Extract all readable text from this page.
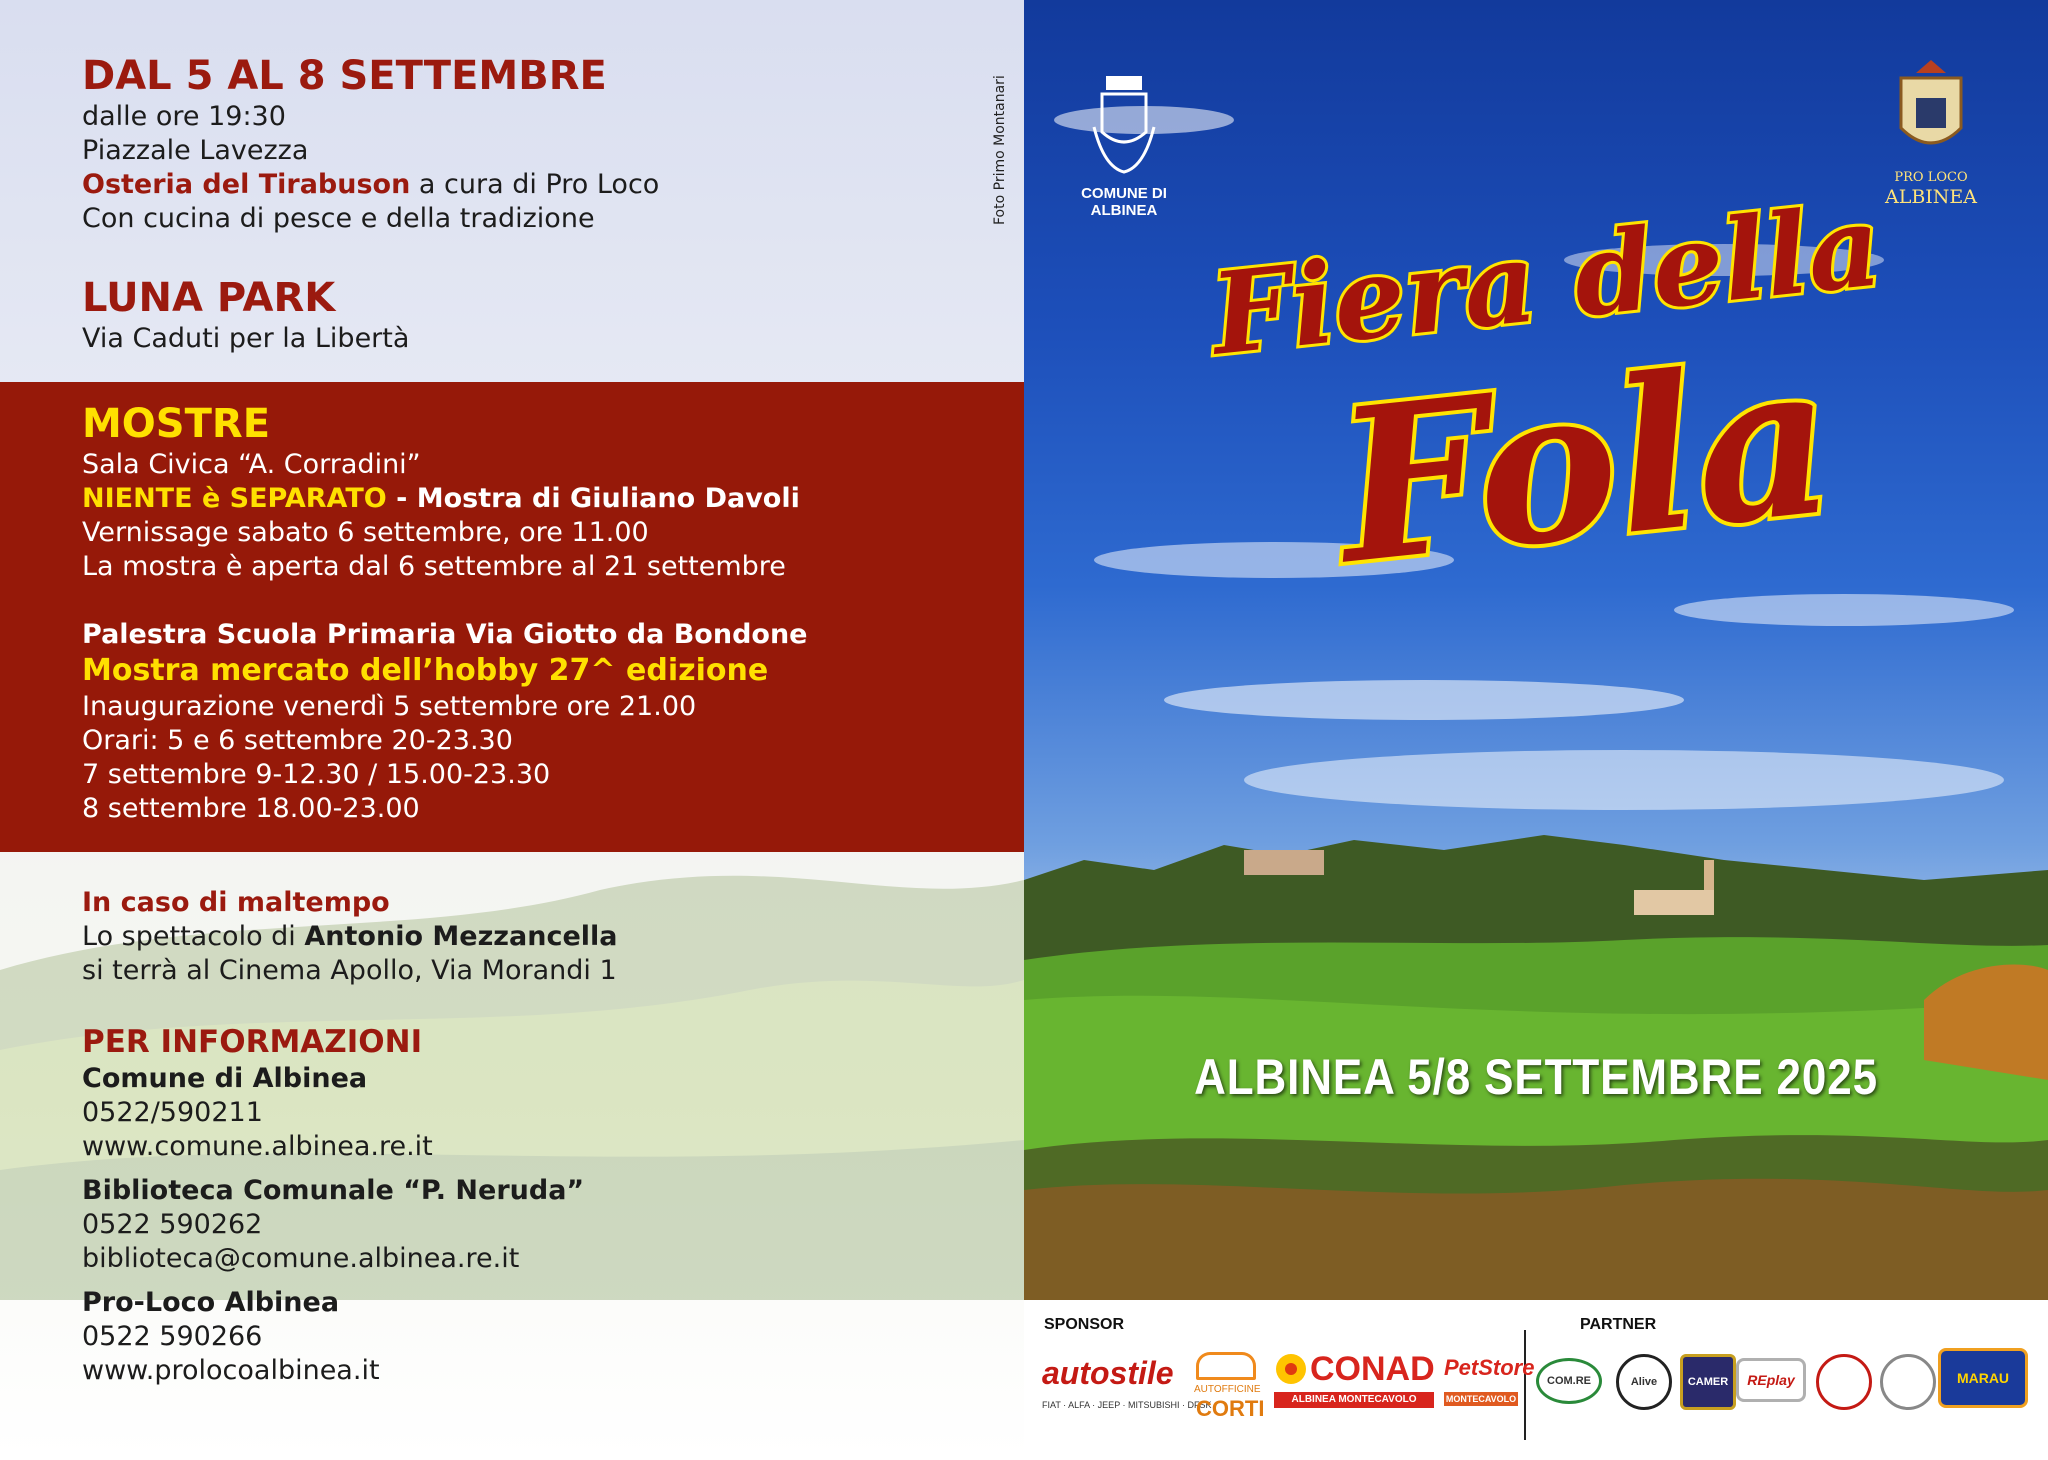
DAL 5 AL 8 SETTEMBRE
dalle ore 19:30
Piazzale Lavezza
Osteria del Tirabuson a cura di Pro Loco
Con cucina di pesce e della tradizione
LUNA PARK
Via Caduti per la Libertà
MOSTRE
Sala Civica “A. Corradini”
NIENTE è SEPARATO - Mostra di Giuliano Davoli
Vernissage sabato 6 settembre, ore 11.00
La mostra è aperta dal 6 settembre al 21 settembre
Palestra Scuola Primaria Via Giotto da Bondone
Mostra mercato dell’hobby 27^ edizione
Inaugurazione venerdì 5 settembre ore 21.00
Orari: 5 e 6 settembre 20-23.30
7 settembre 9-12.30 / 15.00-23.30
8 settembre 18.00-23.00
In caso di maltempo
Lo spettacolo di Antonio Mezzancella
si terrà al Cinema Apollo, Via Morandi 1
PER INFORMAZIONI
Comune di Albinea
0522/590211
www.comune.albinea.re.it
Biblioteca Comunale “P. Neruda”
0522 590262
biblioteca@comune.albinea.re.it
Pro-Loco Albinea
0522 590266
www.prolocoalbinea.it
Foto Primo Montanari	COMUNE DI ALBINEA
PRO LOCO
ALBINEA
Fiera della
Fola
ALBINEA 5/8 SETTEMBRE 2025
SPONSOR	PARTNER
autostile
FIAT · ALFA · JEEP · MITSUBISHI · DFSK
AUTOFFICINE
CORTI
CONAD
ALBINEA MONTECAVOLO
PetStore
MONTECAVOLO
COM.RE	Alive	CAMER	REplay	MARAU
